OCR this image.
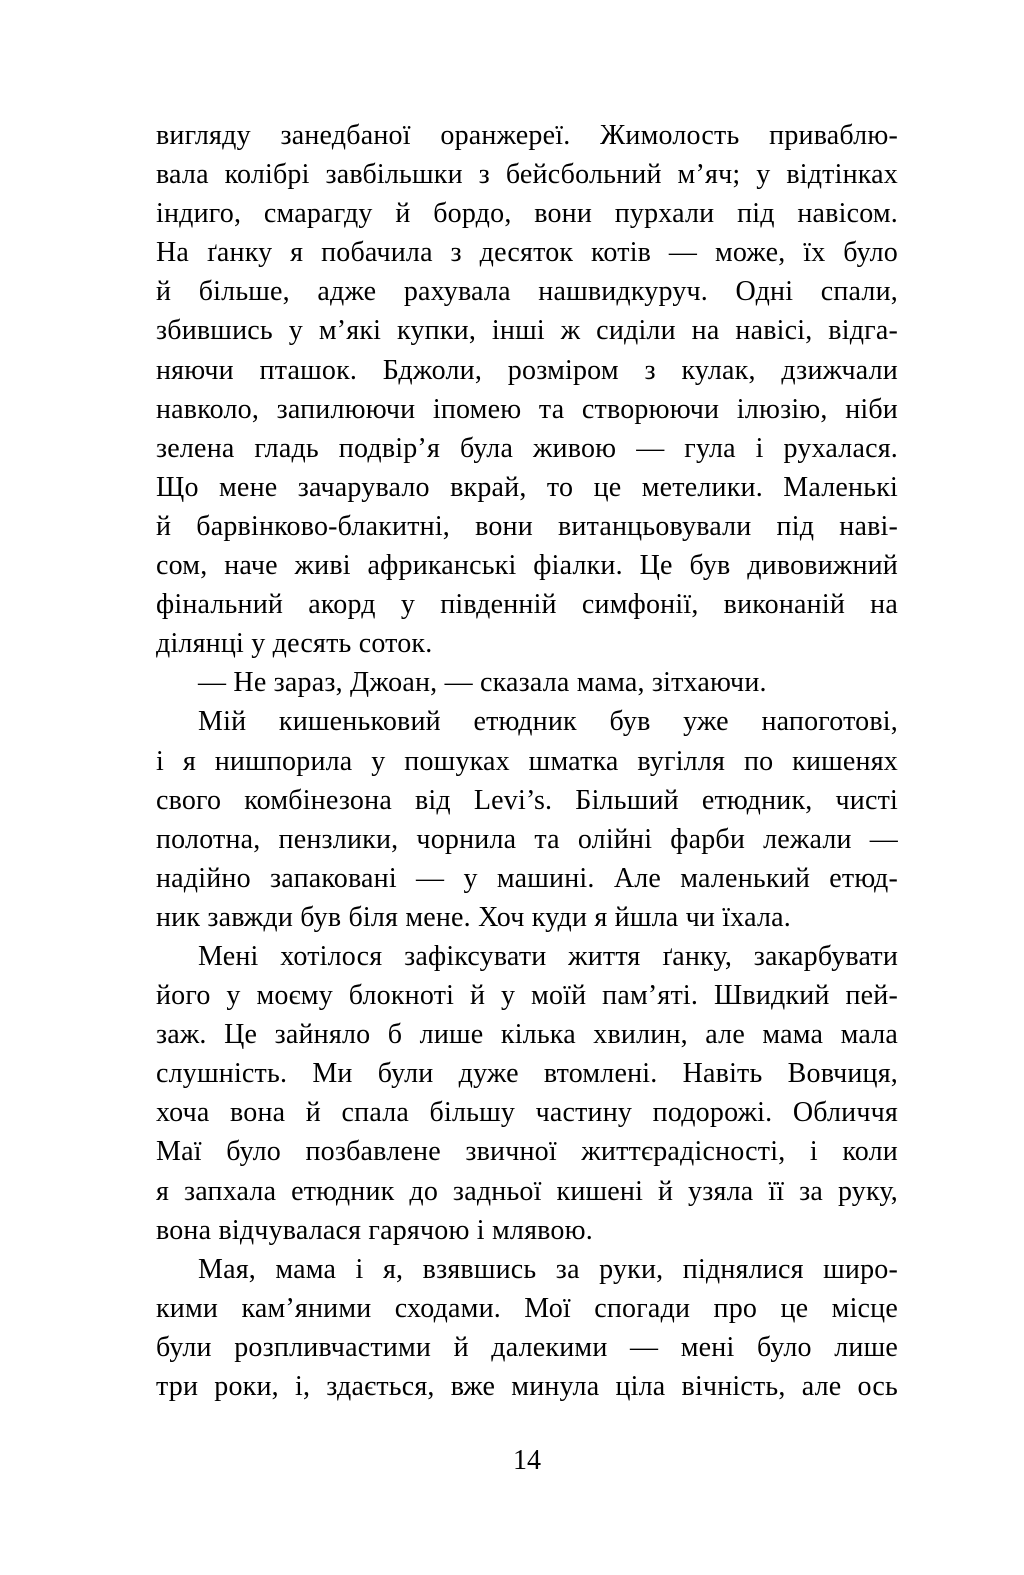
вигляду занедбаної оранжереї. Жимолость приваблю-
вала колібрі завбільшки з бейсбольний м’яч; у відтінках
індиго, смарагду й бордо, вони пурхали під навісом.
На ґанку я побачила з десяток котів — може, їх було
й більше, адже рахувала нашвидкуруч. Одні спали,
збившись у м’які купки, інші ж сиділи на навісі, відга-
няючи пташок. Бджоли, розміром з кулак, дзижчали
навколо, запилюючи іпомею та створюючи ілюзію, ніби
зелена гладь подвір’я була живою — гула і рухалася.
Що мене зачарувало вкрай, то це метелики. Маленькі
й барвінково-блакитні, вони витанцьовували під наві-
сом, наче живі африканські фіалки. Це був дивовижний
фінальний акорд у південній симфонії, виконаній на
ділянці у десять соток.
— Не зараз, Джоан, — сказала мама, зітхаючи.
Мій кишеньковий етюдник був уже напоготові,
і я нишпорила у пошуках шматка вугілля по кишенях
свого комбінезона від Levi’s. Більший етюдник, чисті
полотна, пензлики, чорнила та олійні фарби лежали —
надійно запаковані — у машині. Але маленький етюд-
ник завжди був біля мене. Хоч куди я йшла чи їхала.
Мені хотілося зафіксувати життя ґанку, закарбувати
його у моєму блокноті й у моїй пам’яті. Швидкий пей-
заж. Це зайняло б лише кілька хвилин, але мама мала
слушність. Ми були дуже втомлені. Навіть Вовчиця,
хоча вона й спала більшу частину подорожі. Обличчя
Маї було позбавлене звичної життєрадісності, і коли
я запхала етюдник до задньої кишені й узяла її за руку,
вона відчувалася гарячою і млявою.
Мая, мама і я, взявшись за руки, піднялися широ-
кими кам’яними сходами. Мої спогади про це місце
були розпливчастими й далекими — мені було лише
три роки, і, здається, вже минула ціла вічність, але ось
14
